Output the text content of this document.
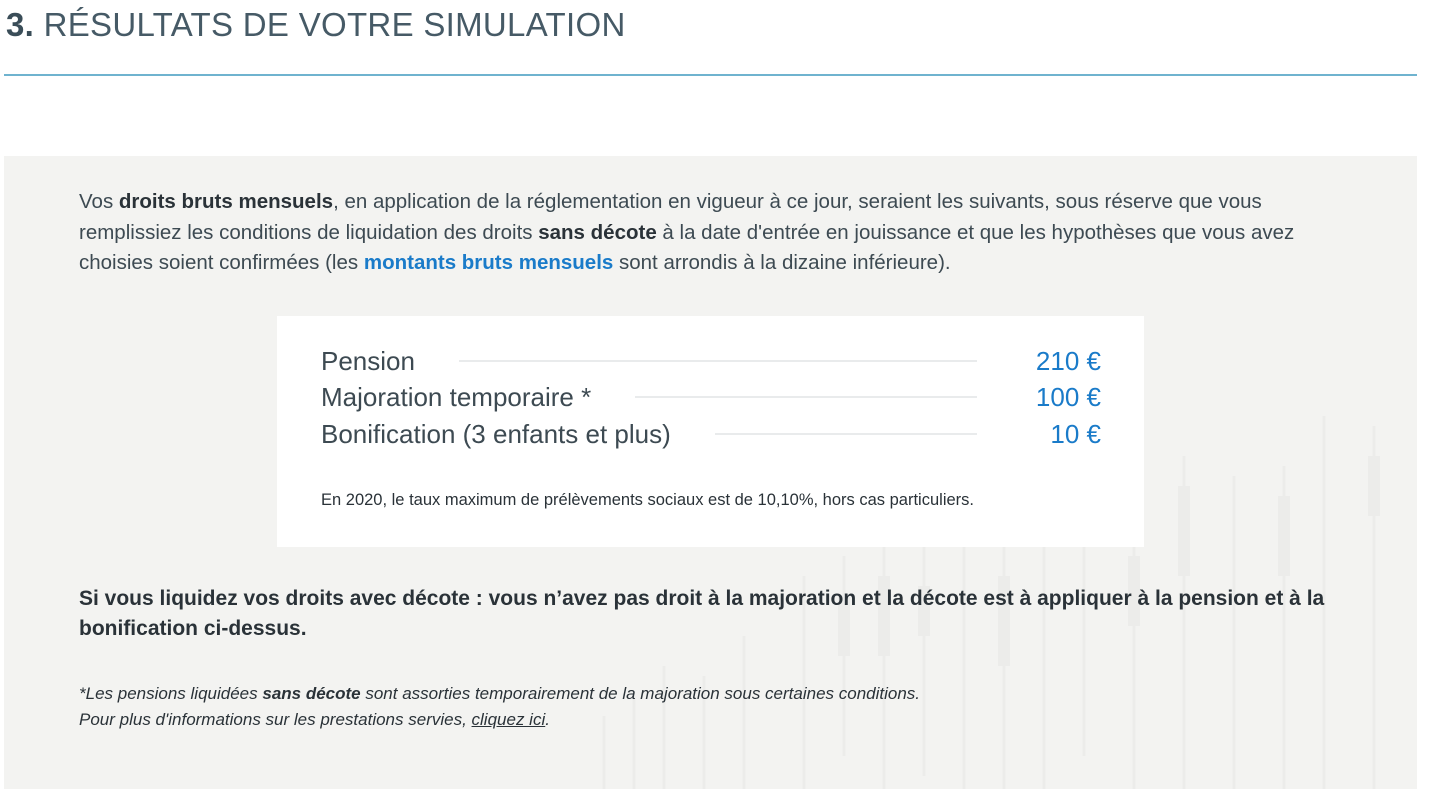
3. RÉSULTATS DE VOTRE SIMULATION

Vos droits bruts mensuels, en application de la réglementation en vigueur à ce jour, seraient les suivants, sous réserve que vous remplissiez les conditions de liquidation des droits sans décote à la date d'entrée en jouissance et que les hypothèses que vous avez choisies soient confirmées (les montants bruts mensuels sont arrondis à la dizaine inférieure).

Pension	210 €
Majoration temporaire *	100 €
Bonification (3 enfants et plus)	10 €

En 2020, le taux maximum de prélèvements sociaux est de 10,10%, hors cas particuliers.

Si vous liquidez vos droits avec décote : vous n’avez pas droit à la majoration et la décote est à appliquer à la pension et à la bonification ci-dessus.

*Les pensions liquidées sans décote sont assorties temporairement de la majoration sous certaines conditions.
Pour plus d'informations sur les prestations servies, cliquez ici.
